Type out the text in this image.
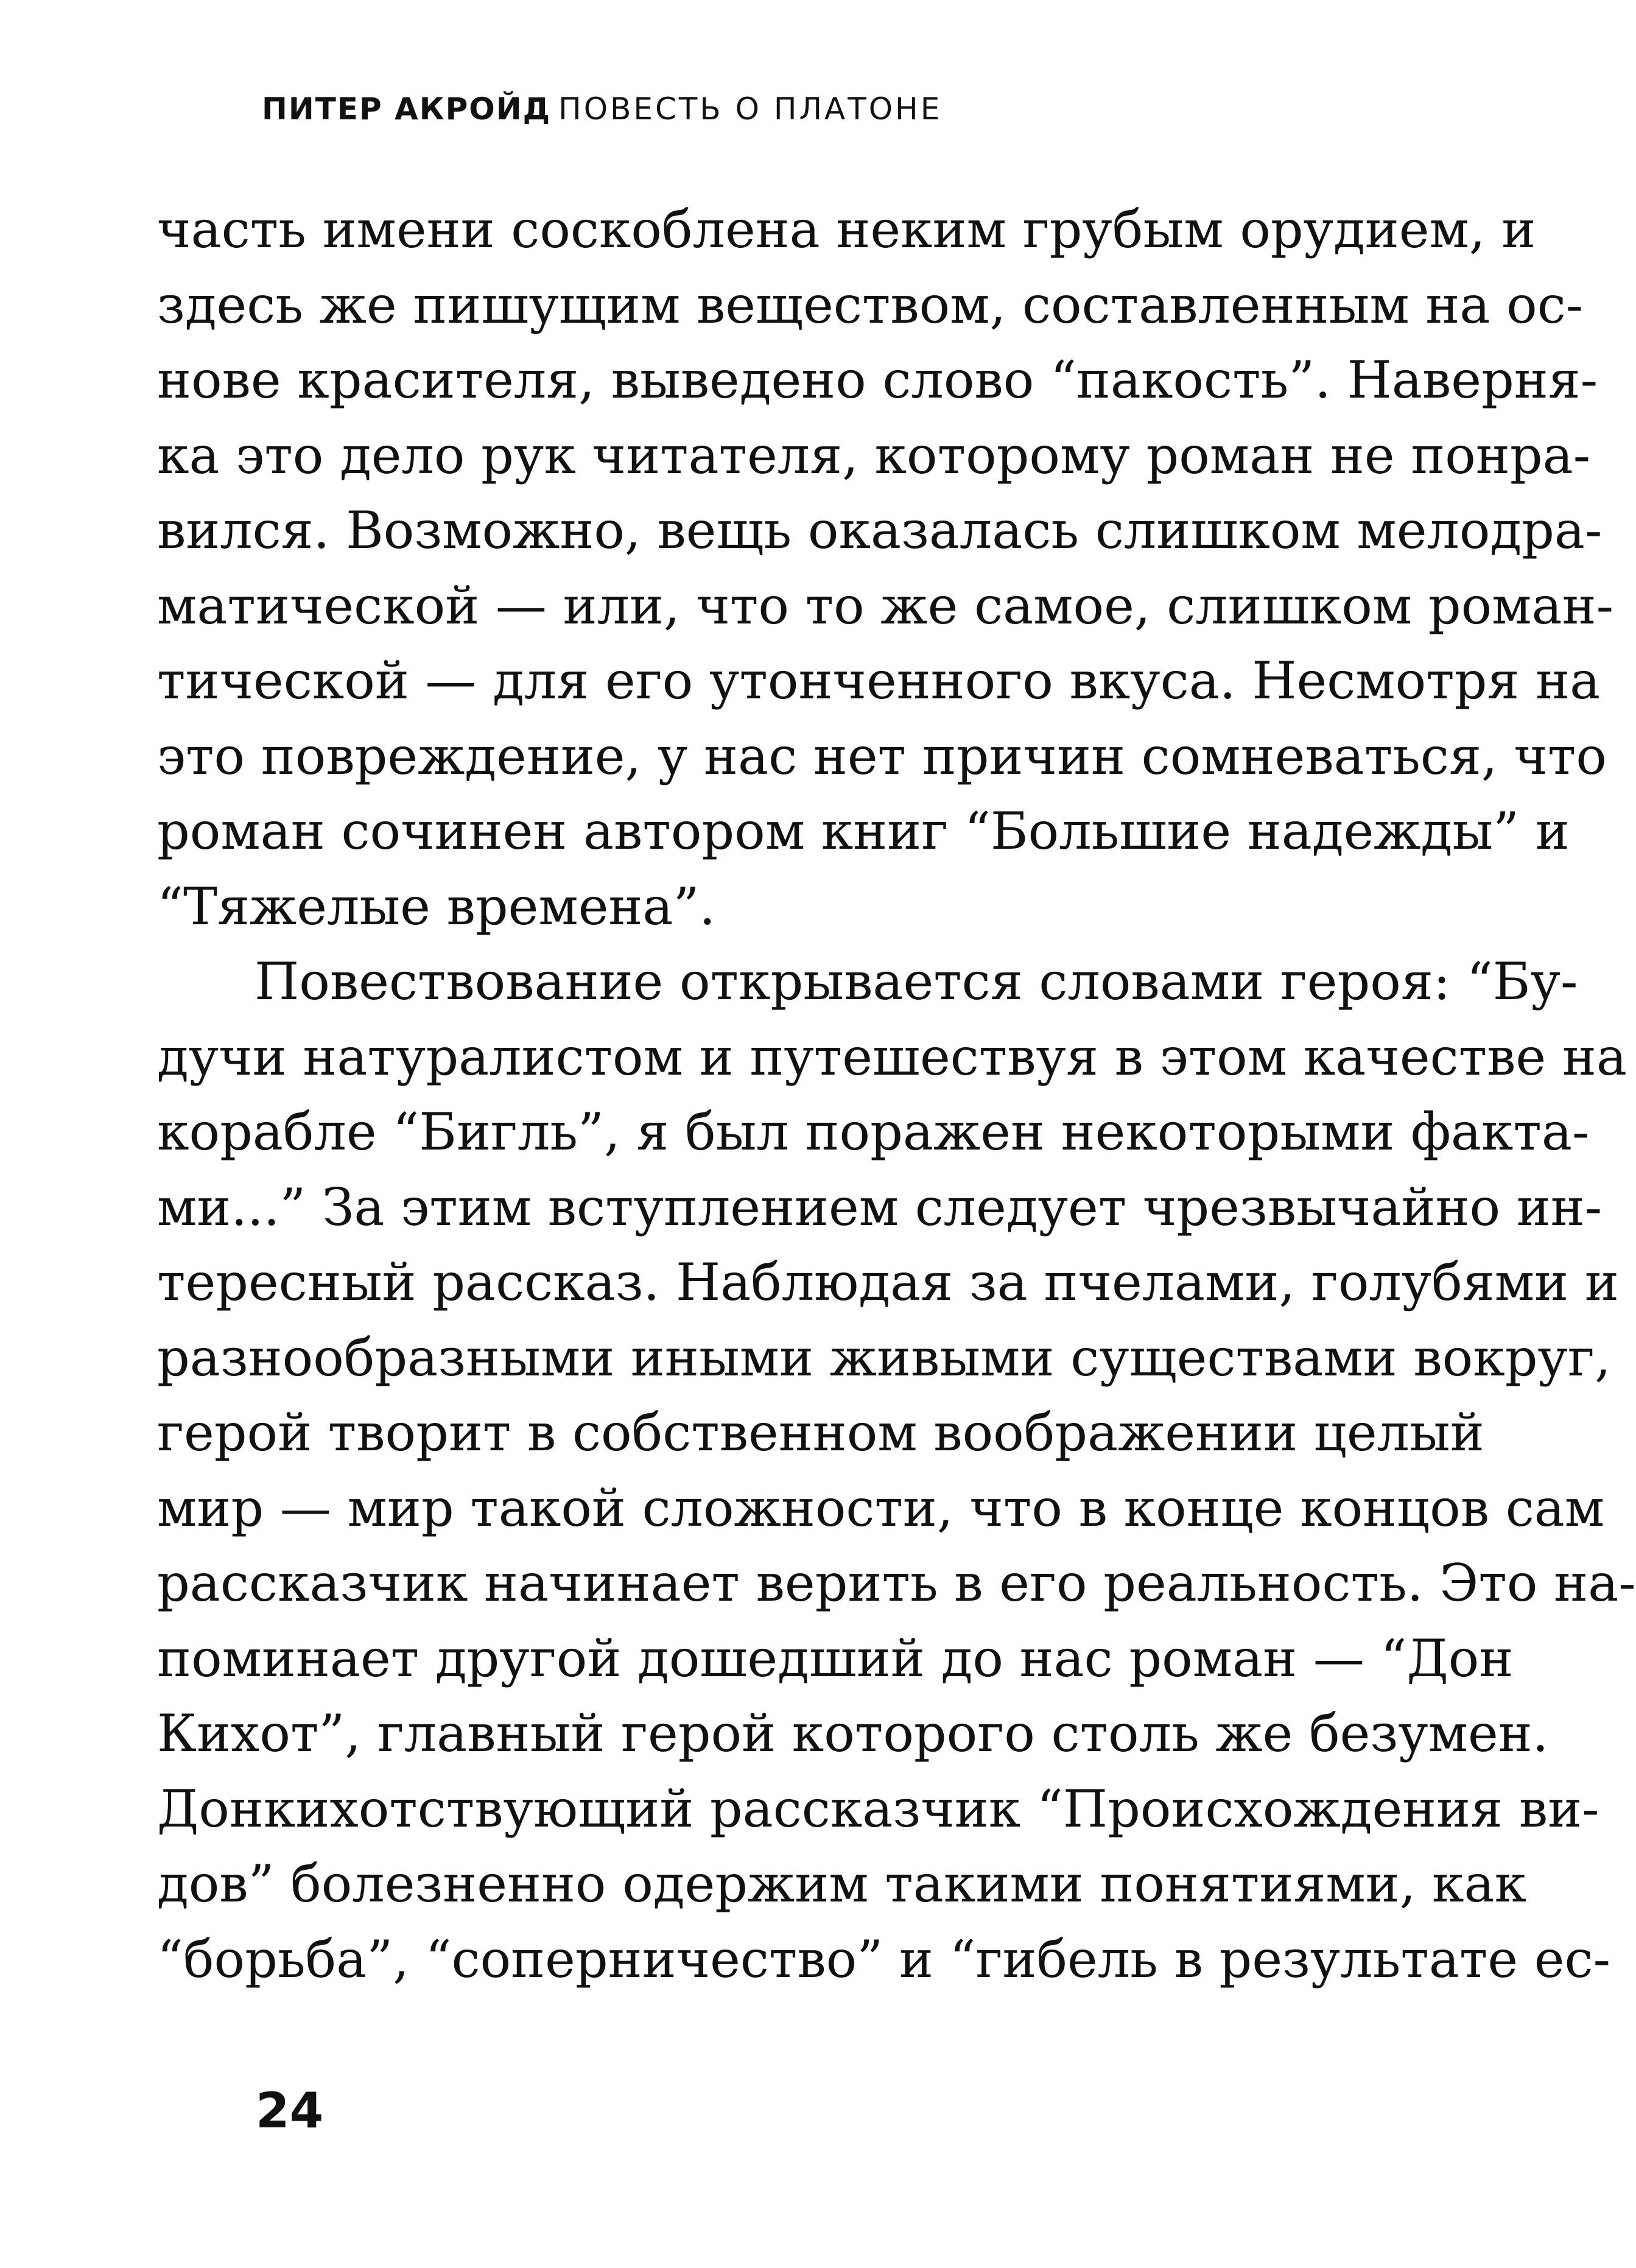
ПИТЕР АКРОЙД ПОВЕСТЬ О ПЛАТОНЕ
часть имени соскоблена неким грубым орудием, и
здесь же пишущим веществом, составленным на ос-
нове красителя, выведено слово “пакость”. Наверня-
ка это дело рук читателя, которому роман не понра-
вился. Возможно, вещь оказалась слишком мелодра-
матической — или, что то же самое, слишком роман-
тической — для его утонченного вкуса. Несмотря на
это повреждение, у нас нет причин сомневаться, что
роман сочинен автором книг “Большие надежды” и
“Тяжелые времена”.
Повествование открывается словами героя: “Бу-
дучи натуралистом и путешествуя в этом качестве на
корабле “Бигль”, я был поражен некоторыми факта-
ми...” За этим вступлением следует чрезвычайно ин-
тересный рассказ. Наблюдая за пчелами, голубями и
разнообразными иными живыми существами вокруг,
герой творит в собственном воображении целый
мир — мир такой сложности, что в конце концов сам
рассказчик начинает верить в его реальность. Это на-
поминает другой дошедший до нас роман — “Дон
Кихот”, главный герой которого столь же безумен.
Донкихотствующий рассказчик “Происхождения ви-
дов” болезненно одержим такими понятиями, как
“борьба”, “соперничество” и “гибель в результате ес-
24
